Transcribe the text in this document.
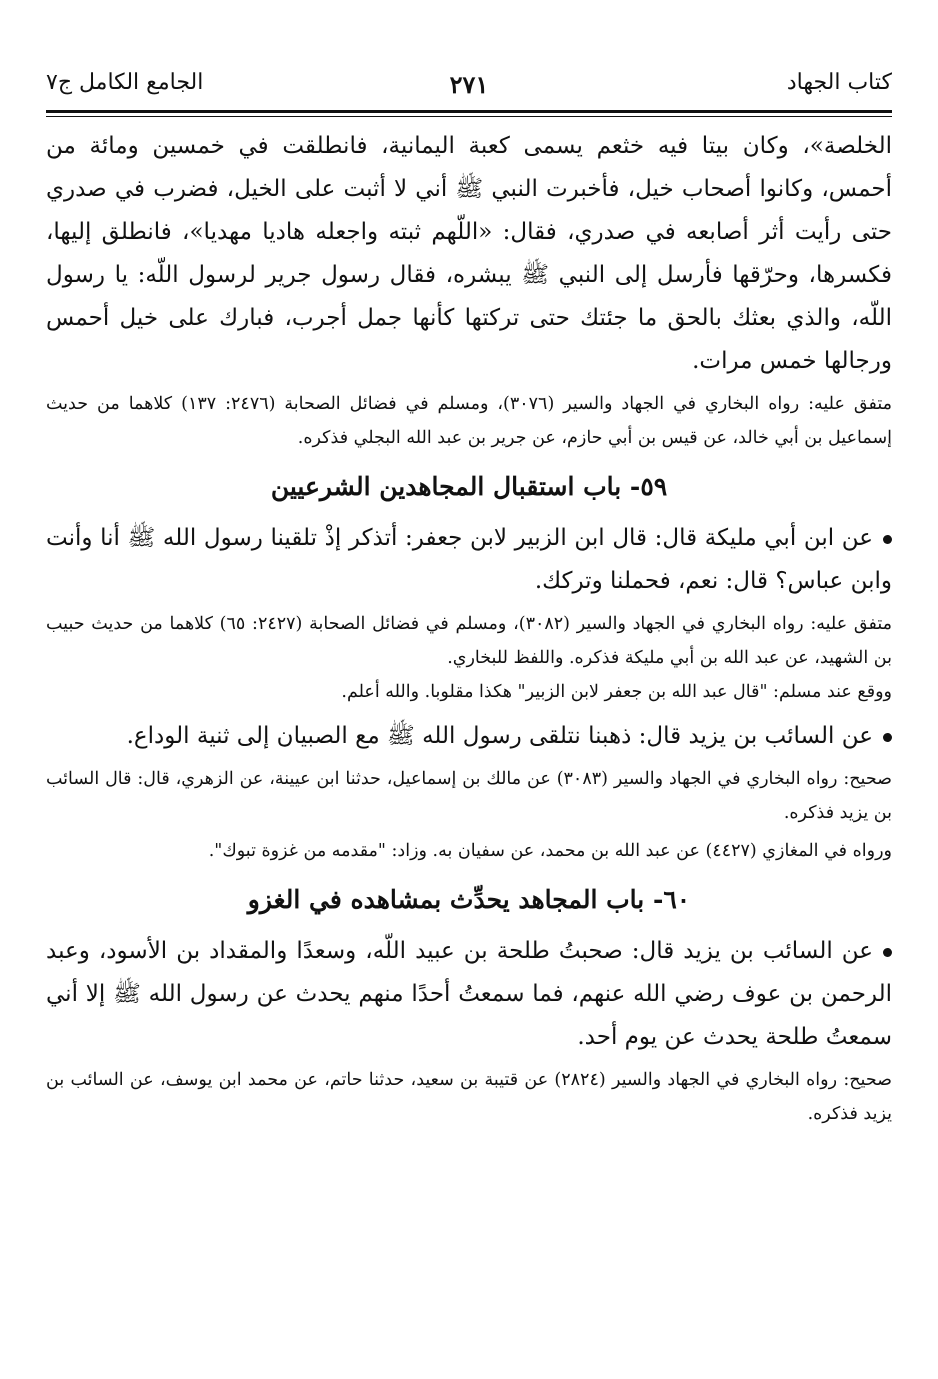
كتاب الجهاد
٢٧١
الجامع الكامل ج٧

الخلصة»، وكان بيتا فيه خثعم يسمى كعبة اليمانية، فانطلقت في خمسين ومائة من أحمس، وكانوا أصحاب خيل، فأخبرت النبي ﷺ أني لا أثبت على الخيل، فضرب في صدري حتى رأيت أثر أصابعه في صدري، فقال: «اللّهم ثبته واجعله هاديا مهديا»، فانطلق إليها، فكسرها، وحرّقها فأرسل إلى النبي ﷺ يبشره، فقال رسول جرير لرسول اللّه: يا رسول اللّه، والذي بعثك بالحق ما جئتك حتى تركتها كأنها جمل أجرب، فبارك على خيل أحمس ورجالها خمس مرات.

متفق عليه: رواه البخاري في الجهاد والسير (٣٠٧٦)، ومسلم في فضائل الصحابة (٢٤٧٦: ١٣٧) كلاهما من حديث إسماعيل بن أبي خالد، عن قيس بن أبي حازم، عن جرير بن عبد الله البجلي فذكره.

٥٩- باب استقبال المجاهدين الشرعيين

عن ابن أبي مليكة قال: قال ابن الزبير لابن جعفر: أتذكر إذْ تلقينا رسول الله ﷺ أنا وأنت وابن عباس؟ قال: نعم، فحملنا وتركك.

متفق عليه: رواه البخاري في الجهاد والسير (٣٠٨٢)، ومسلم في فضائل الصحابة (٢٤٢٧: ٦٥) كلاهما من حديث حبيب بن الشهيد، عن عبد الله بن أبي مليكة فذكره. واللفظ للبخاري.

ووقع عند مسلم: "قال عبد الله بن جعفر لابن الزبير" هكذا مقلوبا. والله أعلم.

عن السائب بن يزيد قال: ذهبنا نتلقى رسول الله ﷺ مع الصبيان إلى ثنية الوداع.

صحيح: رواه البخاري في الجهاد والسير (٣٠٨٣) عن مالك بن إسماعيل، حدثنا ابن عيينة، عن الزهري، قال: قال السائب بن يزيد فذكره.

ورواه في المغازي (٤٤٢٧) عن عبد الله بن محمد، عن سفيان به. وزاد: "مقدمه من غزوة تبوك".

٦٠- باب المجاهد يحدِّث بمشاهده في الغزو

عن السائب بن يزيد قال: صحبتُ طلحة بن عبيد اللّه، وسعدًا والمقداد بن الأسود، وعبد الرحمن بن عوف رضي الله عنهم، فما سمعتُ أحدًا منهم يحدث عن رسول الله ﷺ إلا أني سمعتُ طلحة يحدث عن يوم أحد.

صحيح: رواه البخاري في الجهاد والسير (٢٨٢٤) عن قتيبة بن سعيد، حدثنا حاتم، عن محمد ابن يوسف، عن السائب بن يزيد فذكره.
